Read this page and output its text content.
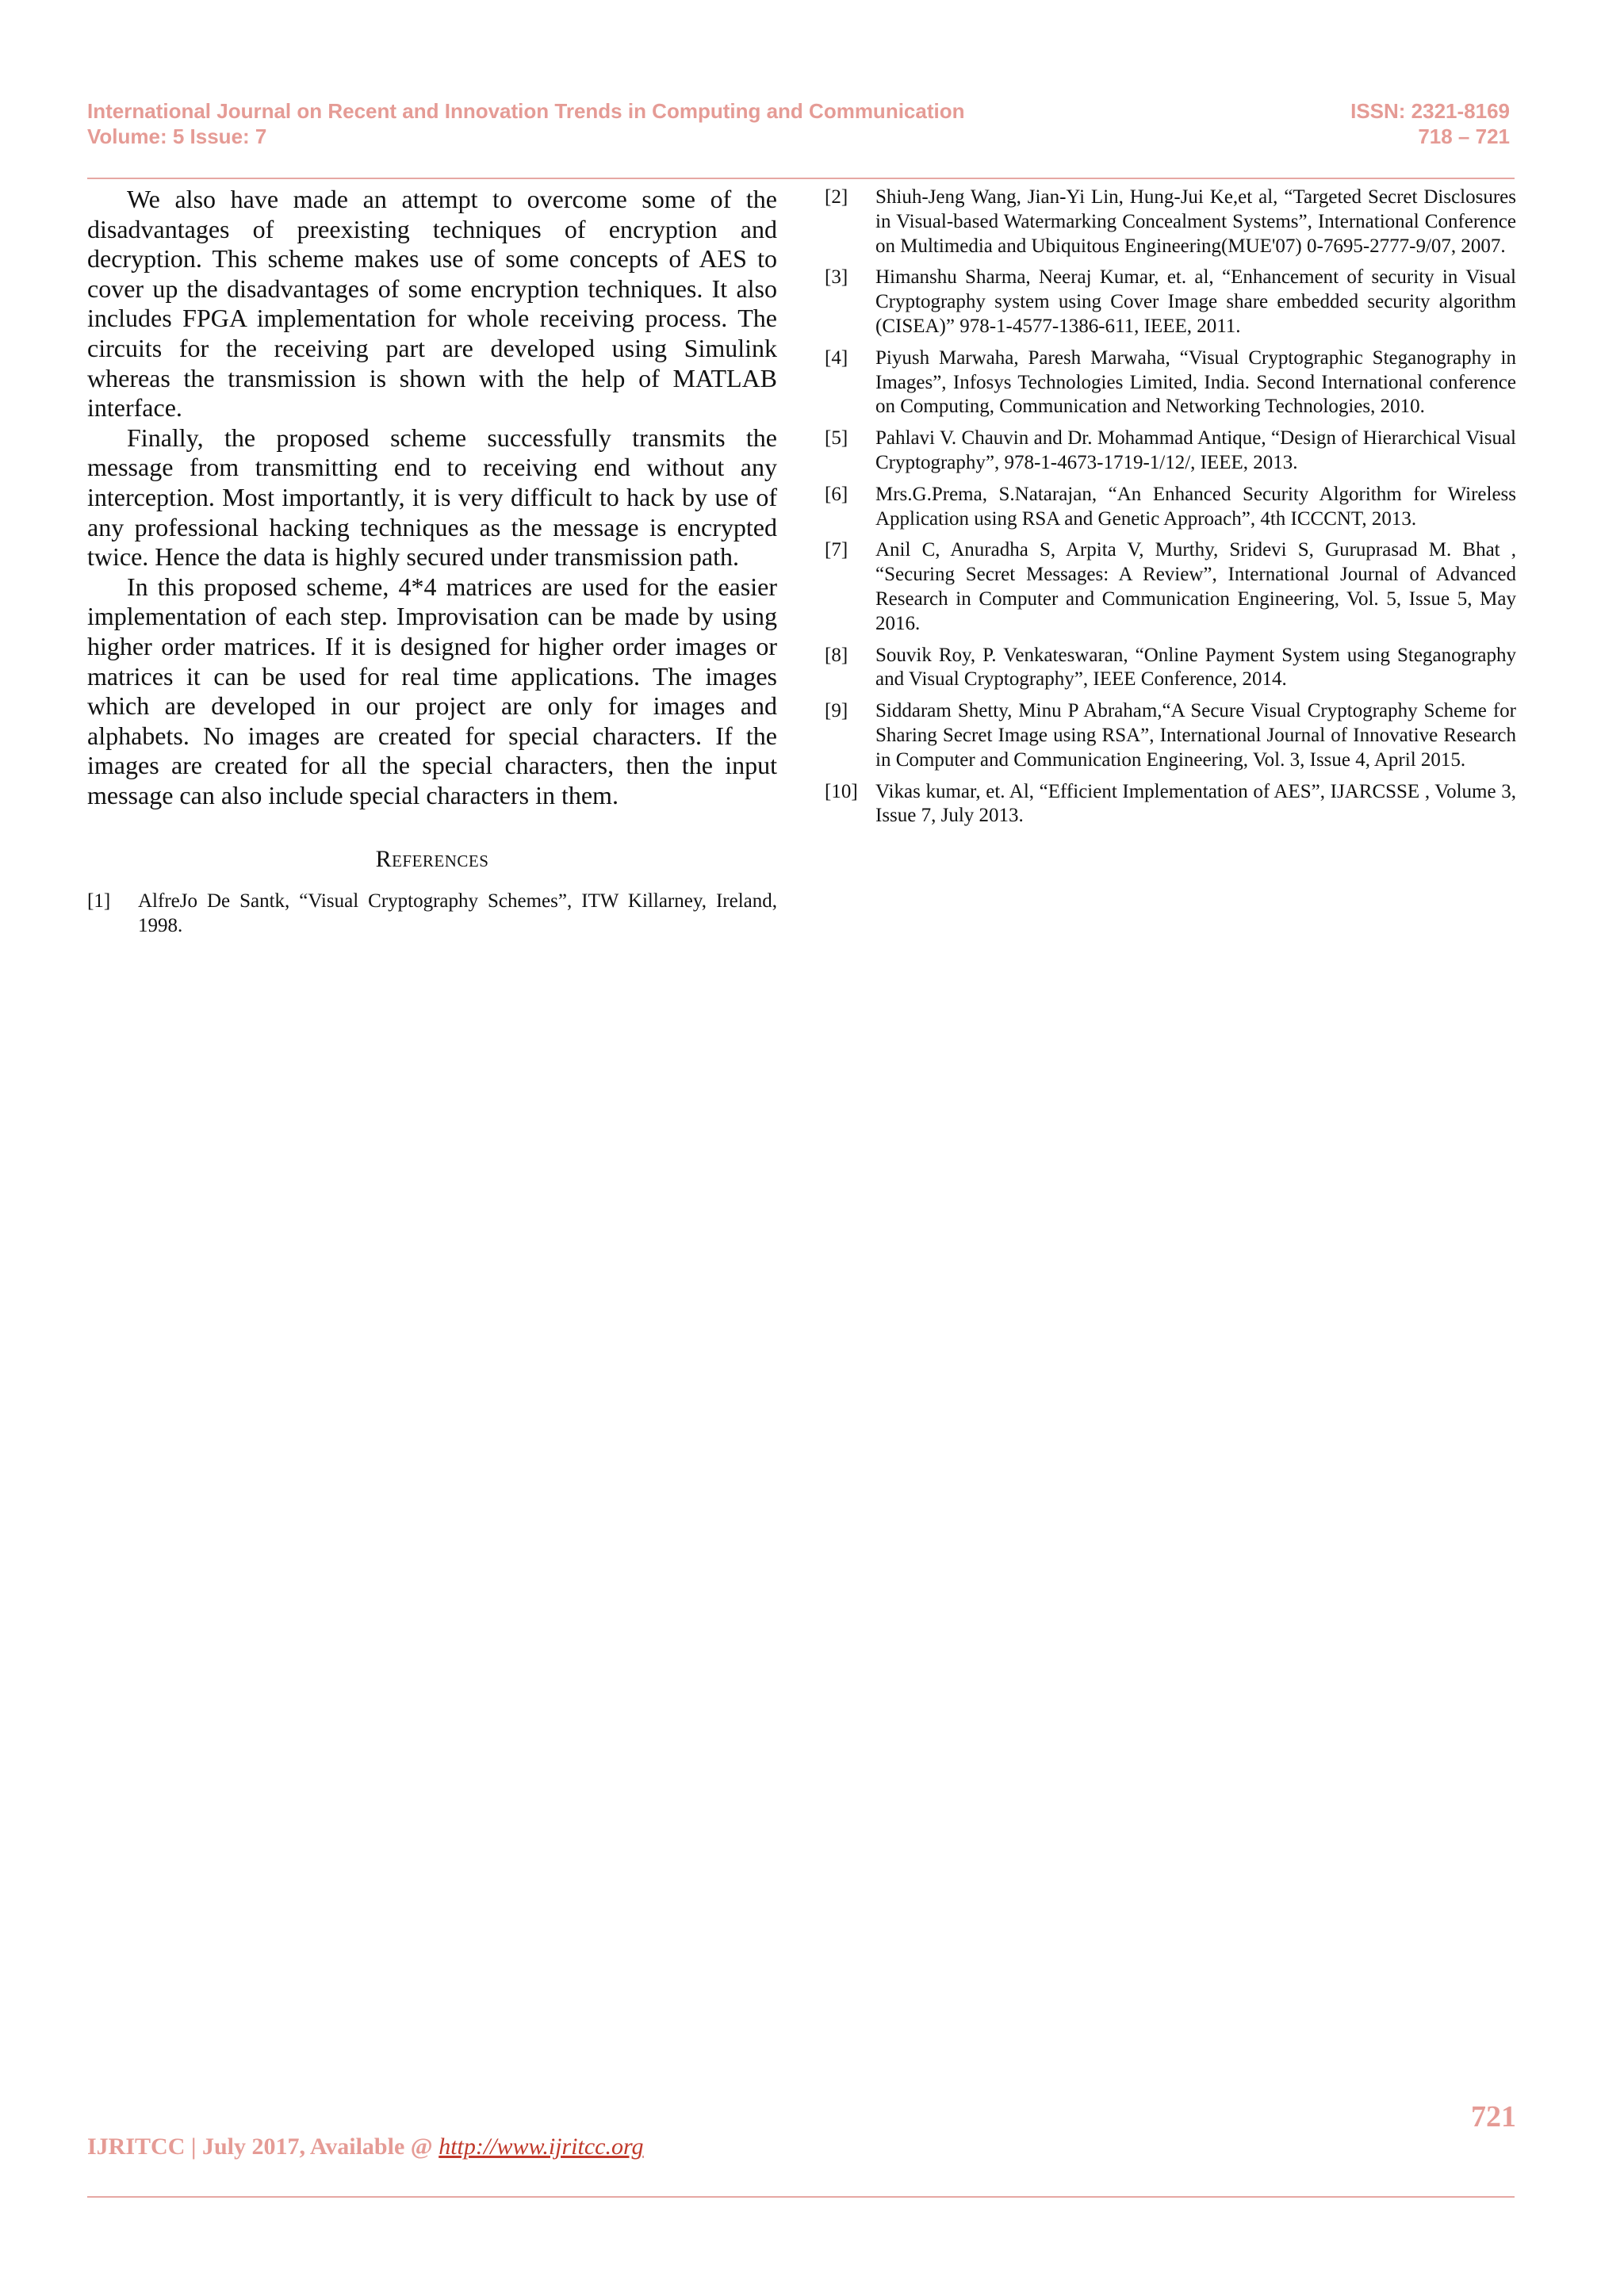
International Journal on Recent and Innovation Trends in Computing and Communication
Volume: 5 Issue: 7
ISSN: 2321-8169
718 – 721

We also have made an attempt to overcome some of the disadvantages of preexisting techniques of encryption and decryption. This scheme makes use of some concepts of AES to cover up the disadvantages of some encryption techniques. It also includes FPGA implementation for whole receiving process. The circuits for the receiving part are developed using Simulink whereas the transmission is shown with the help of MATLAB interface.

Finally, the proposed scheme successfully transmits the message from transmitting end to receiving end without any interception. Most importantly, it is very difficult to hack by use of any professional hacking techniques as the message is encrypted twice. Hence the data is highly secured under transmission path.

In this proposed scheme, 4*4 matrices are used for the easier implementation of each step. Improvisation can be made by using higher order matrices. If it is designed for higher order images or matrices it can be used for real time applications. The images which are developed in our project are only for images and alphabets. No images are created for special characters. If the images are created for all the special characters, then the input message can also include special characters in them.

References
[1]	AlfreJo De Santk, “Visual Cryptography Schemes”, ITW Killarney, Ireland, 1998.
[2]	Shiuh-Jeng Wang, Jian-Yi Lin, Hung-Jui Ke,et al, “Targeted Secret Disclosures in Visual-based Watermarking Concealment Systems”, International Conference on Multimedia and Ubiquitous Engineering(MUE'07) 0-7695-2777-9/07, 2007.
[3]	Himanshu Sharma, Neeraj Kumar, et. al, “Enhancement of security in Visual Cryptography system using Cover Image share embedded security algorithm (CISEA)” 978-1-4577-1386-611, IEEE, 2011.
[4]	Piyush Marwaha, Paresh Marwaha, “Visual Cryptographic Steganography in Images”, Infosys Technologies Limited, India. Second International conference on Computing, Communication and Networking Technologies, 2010.
[5]	Pahlavi V. Chauvin and Dr. Mohammad Antique, “Design of Hierarchical Visual Cryptography”, 978-1-4673-1719-1/12/, IEEE, 2013.
[6]	Mrs.G.Prema, S.Natarajan, “An Enhanced Security Algorithm for Wireless Application using RSA and Genetic Approach”, 4th ICCCNT, 2013.
[7]	Anil C, Anuradha S, Arpita V, Murthy, Sridevi S, Guruprasad M. Bhat , “Securing Secret Messages: A Review”, International Journal of Advanced Research in Computer and Communication Engineering, Vol. 5, Issue 5, May 2016.
[8]	Souvik Roy, P. Venkateswaran, “Online Payment System using Steganography and Visual Cryptography”, IEEE Conference, 2014.
[9]	Siddaram Shetty, Minu P Abraham,“A Secure Visual Cryptography Scheme for Sharing Secret Image using RSA”, International Journal of Innovative Research in Computer and Communication Engineering, Vol. 3, Issue 4, April 2015.
[10] Vikas kumar, et. Al, “Efficient Implementation of AES”, IJARCSSE , Volume 3, Issue 7, July 2013.
721
IJRITCC | July 2017, Available @ http://www.ijritcc.org
